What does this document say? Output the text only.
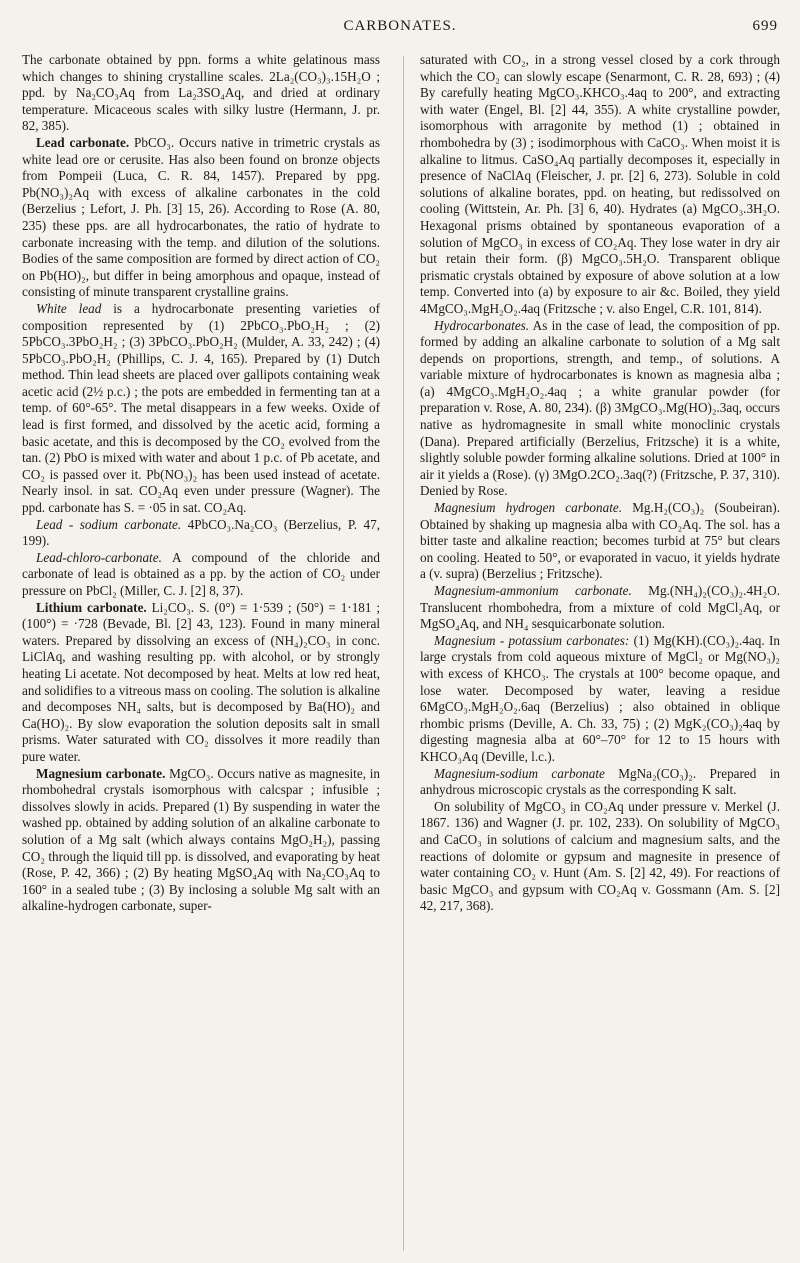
CARBONATES.	699

The carbonate obtained by ppn. forms a white gelatinous mass which changes to shining crystalline scales. 2La₂(CO₃)₃.15H₂O ; ppd. by Na₂CO₃Aq from La₂3SO₄Aq, and dried at ordinary temperature. Micaceous scales with silky lustre (Hermann, J. pr. 82, 385).

Lead carbonate. PbCO₃. Occurs native in trimetric crystals as white lead ore or cerusite. Has also been found on bronze objects from Pompeii (Luca, C. R. 84, 1457). Prepared by ppg. Pb(NO₃)₂Aq with excess of alkaline carbonates in the cold (Berzelius ; Lefort, J. Ph. [3] 15, 26). According to Rose (A. 80, 235) these pps. are all hydrocarbonates, the ratio of hydrate to carbonate increasing with the temp. and dilution of the solutions. Bodies of the same composition are formed by direct action of CO₂ on Pb(HO)₂, but differ in being amorphous and opaque, instead of consisting of minute transparent crystalline grains.

White lead is a hydrocarbonate presenting varieties of composition represented by (1) 2PbCO₃.PbO₂H₂ ; (2) 5PbCO₃.3PbO₂H₂ ; (3) 3PbCO₃.PbO₂H₂ (Mulder, A. 33, 242) ; (4) 5PbCO₃.PbO₂H₂ (Phillips, C. J. 4, 165). Prepared by (1) Dutch method. Thin lead sheets are placed over gallipots containing weak acetic acid (2½ p.c.) ; the pots are embedded in fermenting tan at a temp. of 60°-65°. The metal disappears in a few weeks. Oxide of lead is first formed, and dissolved by the acetic acid, forming a basic acetate, and this is decomposed by the CO₂ evolved from the tan. (2) PbO is mixed with water and about 1 p.c. of Pb acetate, and CO₂ is passed over it. Pb(NO₃)₂ has been used instead of acetate. Nearly insol. in sat. CO₂Aq even under pressure (Wagner). The ppd. carbonate has S. = ·05 in sat. CO₂Aq.

Lead - sodium carbonate. 4PbCO₃.Na₂CO₃ (Berzelius, P. 47, 199).

Lead-chloro-carbonate. A compound of the chloride and carbonate of lead is obtained as a pp. by the action of CO₂ under pressure on PbCl₂ (Miller, C. J. [2] 8, 37).

Lithium carbonate. Li₂CO₃. S. (0°) = 1·539 ; (50°) = 1·181 ; (100°) = ·728 (Bevade, Bl. [2] 43, 123). Found in many mineral waters. Prepared by dissolving an excess of (NH₄)₂CO₃ in conc. LiClAq, and washing resulting pp. with alcohol, or by strongly heating Li acetate. Not decomposed by heat. Melts at low red heat, and solidifies to a vitreous mass on cooling. The solution is alkaline and decomposes NH₄ salts, but is decomposed by Ba(HO)₂ and Ca(HO)₂. By slow evaporation the solution deposits salt in small prisms. Water saturated with CO₂ dissolves it more readily than pure water.

Magnesium carbonate. MgCO₃. Occurs native as magnesite, in rhombohedral crystals isomorphous with calcspar ; infusible ; dissolves slowly in acids. Prepared (1) By suspending in water the washed pp. obtained by adding solution of an alkaline carbonate to solution of a Mg salt (which always contains MgO₂H₂), passing CO₂ through the liquid till pp. is dissolved, and evaporating by heat (Rose, P. 42, 366) ; (2) By heating MgSO₄Aq with Na₂CO₃Aq to 160° in a sealed tube ; (3) By inclosing a soluble Mg salt with an alkaline-hydrogen carbonate, super-

saturated with CO₂, in a strong vessel closed by a cork through which the CO₂ can slowly escape (Senarmont, C. R. 28, 693) ; (4) By carefully heating MgCO₃.KHCO₃.4aq to 200°, and extracting with water (Engel, Bl. [2] 44, 355). A white crystalline powder, isomorphous with arragonite by method (1) ; obtained in rhombohedra by (3) ; isodimorphous with CaCO₃. When moist it is alkaline to litmus. CaSO₄Aq partially decomposes it, especially in presence of NaClAq (Fleischer, J. pr. [2] 6, 273). Soluble in cold solutions of alkaline borates, ppd. on heating, but redissolved on cooling (Wittstein, Ar. Ph. [3] 6, 40). Hydrates (a) MgCO₃.3H₂O. Hexagonal prisms obtained by spontaneous evaporation of a solution of MgCO₃ in excess of CO₂Aq. They lose water in dry air but retain their form. (β) MgCO₃.5H₂O. Transparent oblique prismatic crystals obtained by exposure of above solution at a low temp. Converted into (a) by exposure to air &c. Boiled, they yield 4MgCO₃.MgH₂O₂.4aq (Fritzsche ; v. also Engel, C.R. 101, 814).

Hydrocarbonates. As in the case of lead, the composition of pp. formed by adding an alkaline carbonate to solution of a Mg salt depends on proportions, strength, and temp., of solutions. A variable mixture of hydrocarbonates is known as magnesia alba ; (a) 4MgCO₃.MgH₂O₂.4aq ; a white granular powder (for preparation v. Rose, A. 80, 234). (β) 3MgCO₃.Mg(HO)₂.3aq, occurs native as hydromagnesite in small white monoclinic crystals (Dana). Prepared artificially (Berzelius, Fritzsche) it is a white, slightly soluble powder forming alkaline solutions. Dried at 100° in air it yields a (Rose). (γ) 3MgO.2CO₂.3aq(?) (Fritzsche, P. 37, 310). Denied by Rose.

Magnesium hydrogen carbonate. Mg.H₂(CO₃)₂ (Soubeiran). Obtained by shaking up magnesia alba with CO₂Aq. The sol. has a bitter taste and alkaline reaction; becomes turbid at 75° but clears on cooling. Heated to 50°, or evaporated in vacuo, it yields hydrate a (v. supra) (Berzelius ; Fritzsche).

Magnesium-ammonium carbonate. Mg.(NH₄)₂(CO₃)₂.4H₂O. Translucent rhombohedra, from a mixture of cold MgCl₂Aq, or MgSO₄Aq, and NH₄ sesquicarbonate solution.

Magnesium - potassium carbonates: (1) Mg(KH).(CO₃)₂.4aq. In large crystals from cold aqueous mixture of MgCl₂ or Mg(NO₃)₂ with excess of KHCO₃. The crystals at 100° become opaque, and lose water. Decomposed by water, leaving a residue 6MgCO₃.MgH₂O₂.6aq (Berzelius) ; also obtained in oblique rhombic prisms (Deville, A. Ch. 33, 75) ; (2) MgK₂(CO₃)₂4aq by digesting magnesia alba at 60°–70° for 12 to 15 hours with KHCO₃Aq (Deville, l.c.).

Magnesium-sodium carbonate MgNa₂(CO₃)₂. Prepared in anhydrous microscopic crystals as the corresponding K salt.

On solubility of MgCO₃ in CO₂Aq under pressure v. Merkel (J. 1867. 136) and Wagner (J. pr. 102, 233). On solubility of MgCO₃ and CaCO₃ in solutions of calcium and magnesium salts, and the reactions of dolomite or gypsum and magnesite in presence of water containing CO₂ v. Hunt (Am. S. [2] 42, 49). For reactions of basic MgCO₃ and gypsum with CO₂Aq v. Gossmann (Am. S. [2] 42, 217, 368).
